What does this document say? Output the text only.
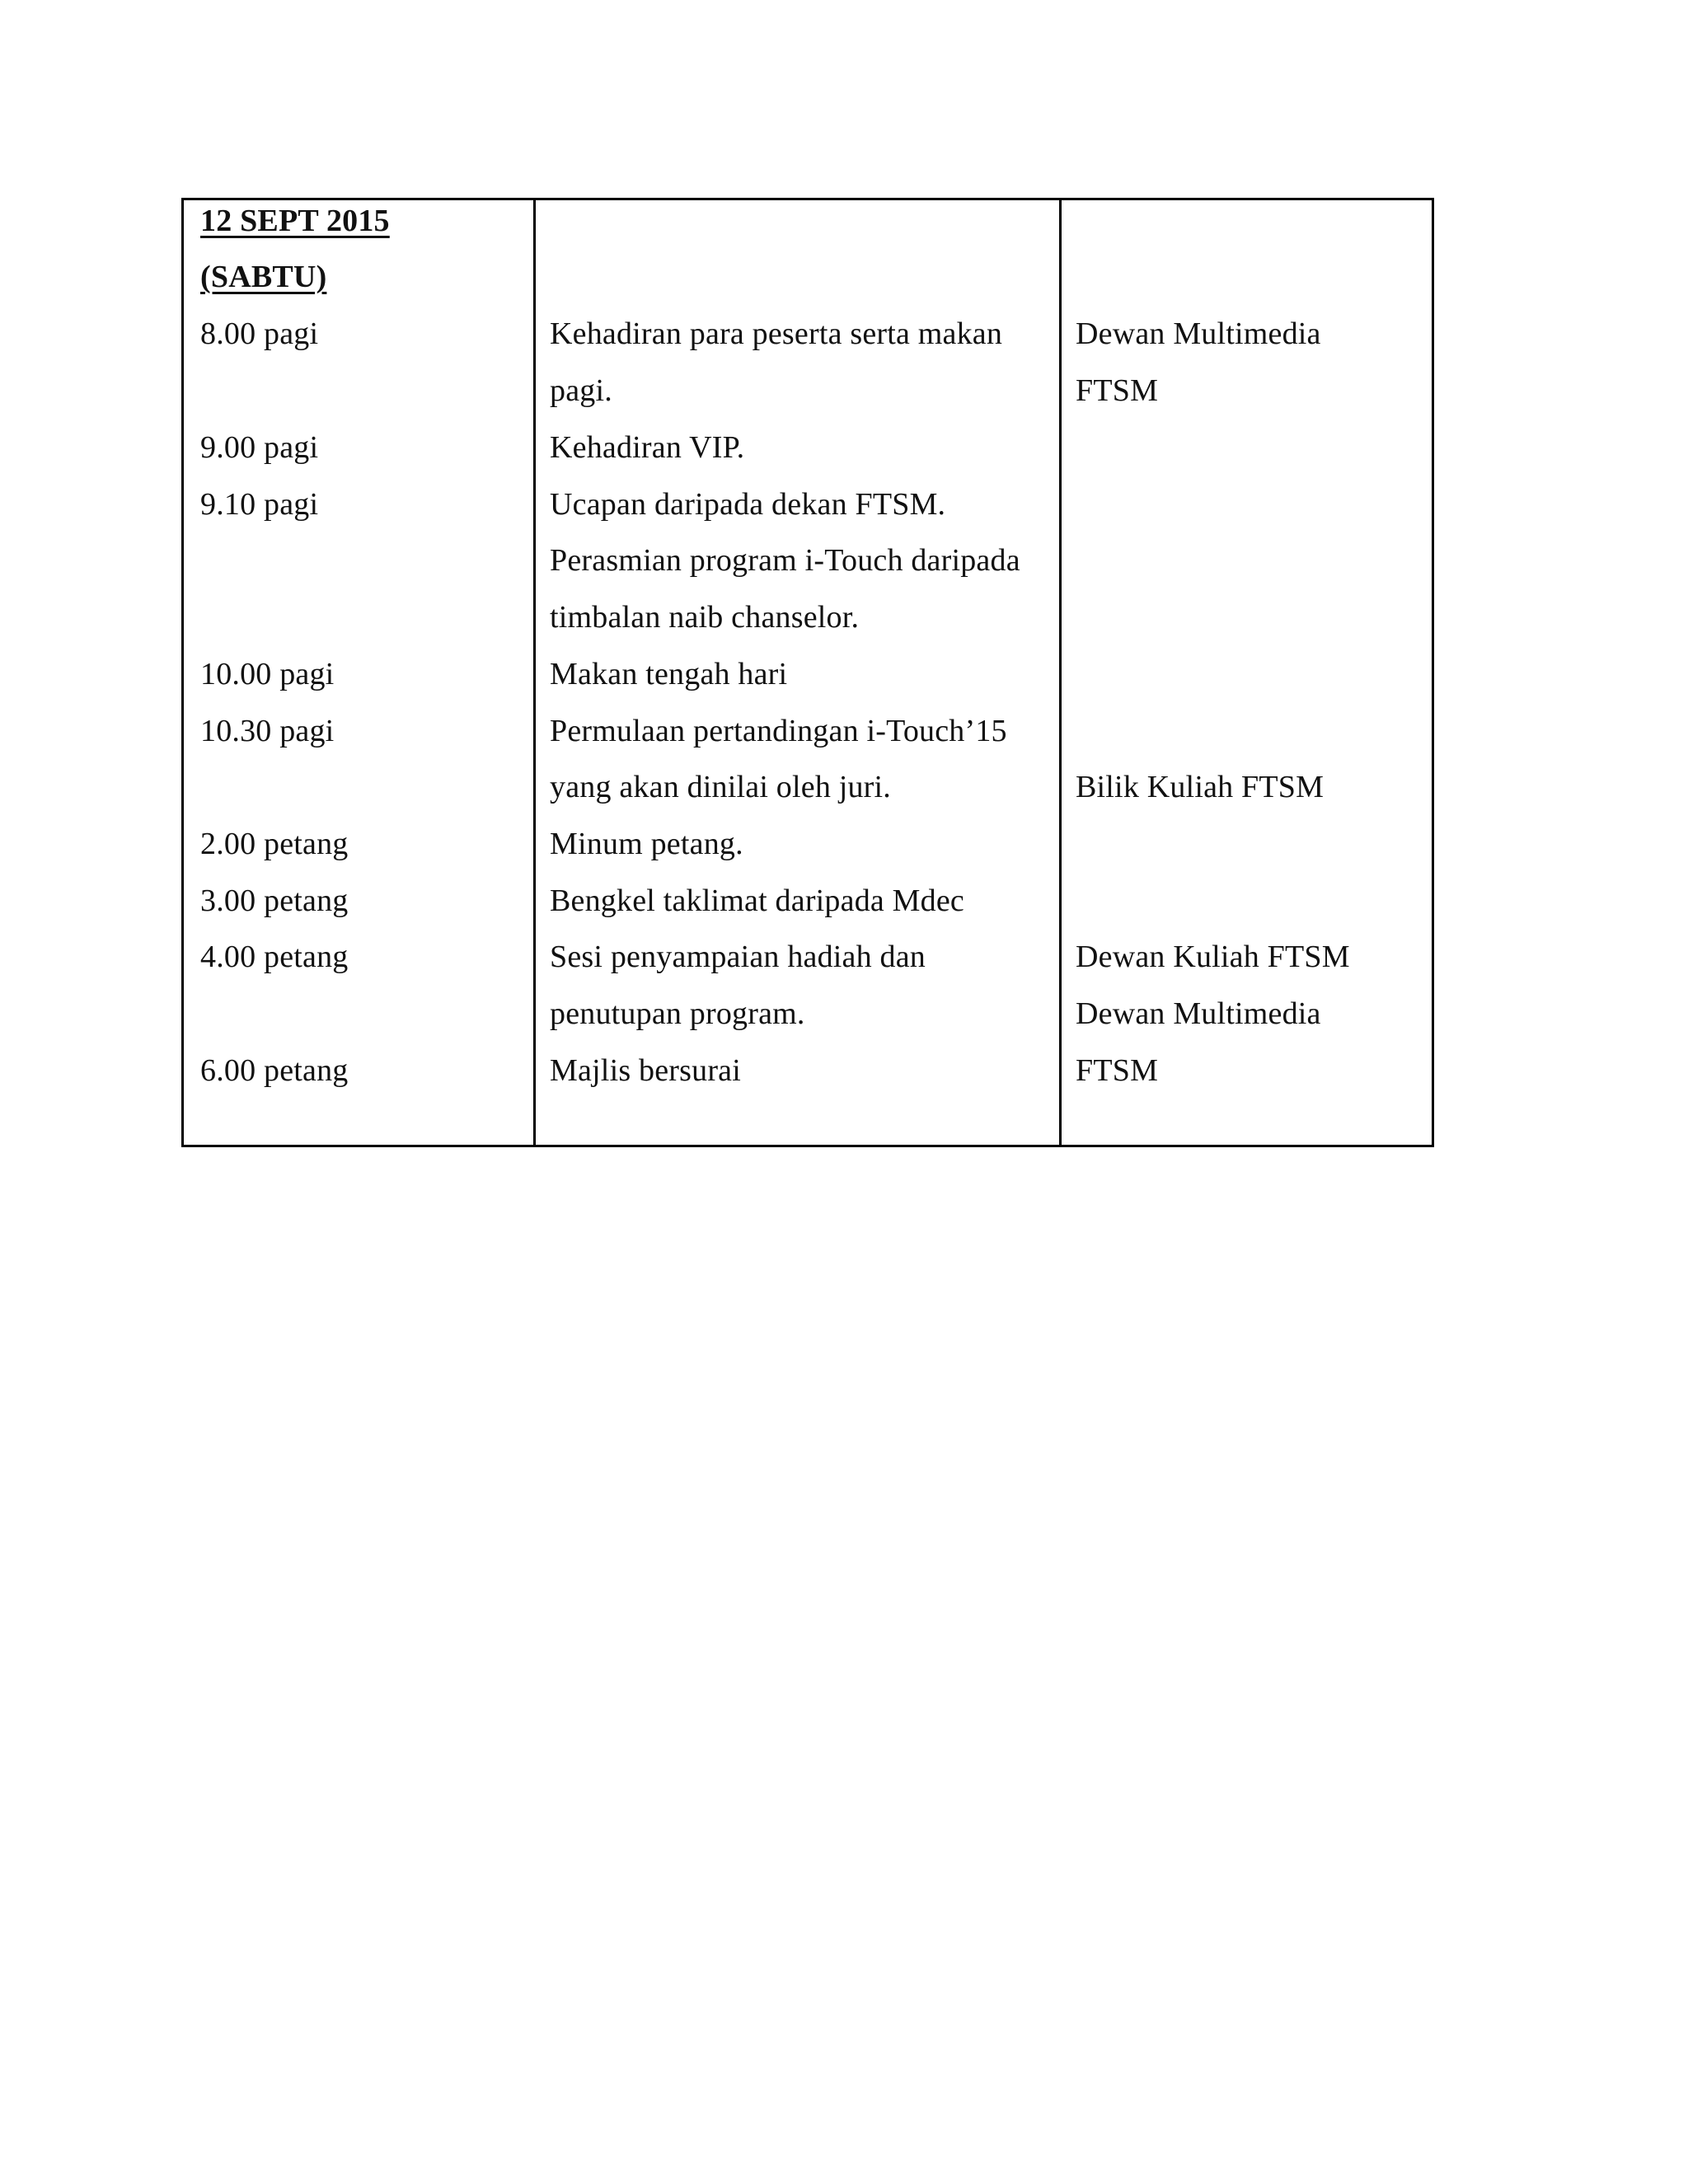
12 SEPT 2015
(SABTU)
8.00 pagi
9.00 pagi
9.10 pagi
10.00 pagi
10.30 pagi
2.00 petang
3.00 petang
4.00 petang
6.00 petang
Kehadiran para peserta serta makan
pagi.
Kehadiran VIP.
Ucapan daripada dekan FTSM.
Perasmian program i-Touch daripada
timbalan naib chanselor.
Makan tengah hari
Permulaan pertandingan i-Touch’15
yang akan dinilai oleh juri.
Minum petang.
Bengkel taklimat daripada Mdec
Sesi penyampaian hadiah dan
penutupan program.
Majlis bersurai
Dewan Multimedia
FTSM
Bilik Kuliah FTSM
Dewan Kuliah FTSM
Dewan Multimedia
FTSM
